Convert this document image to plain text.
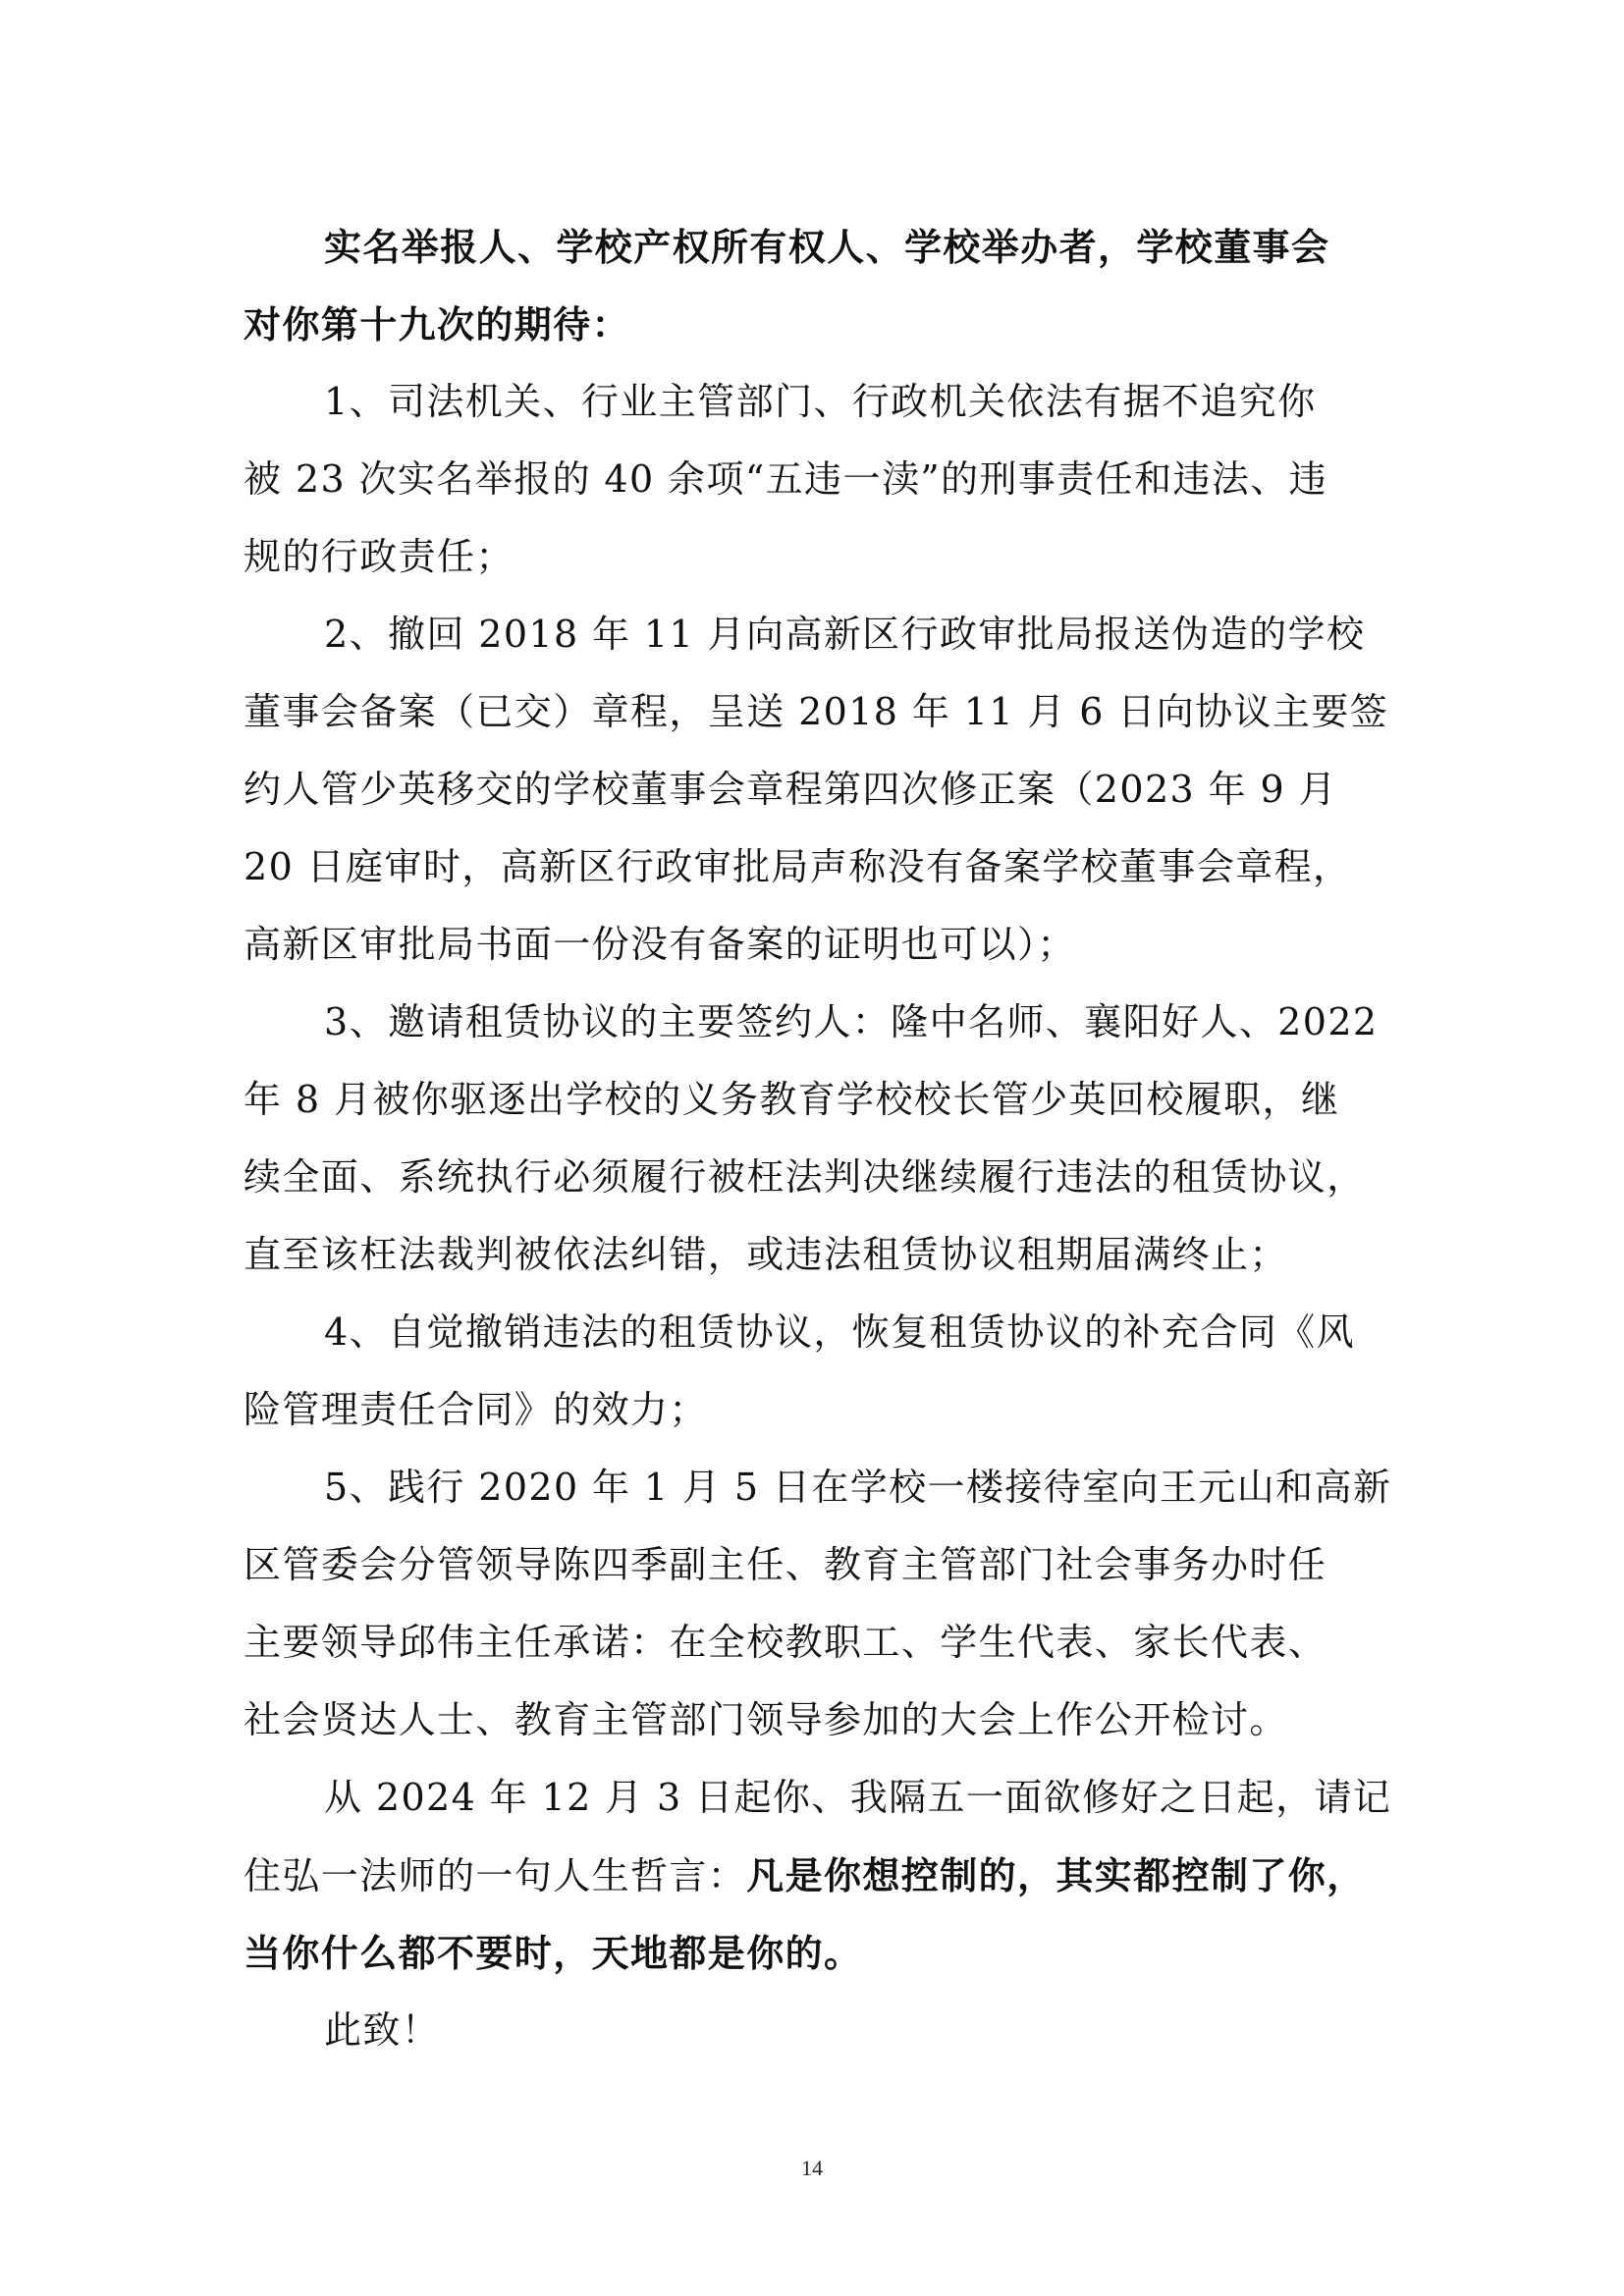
实名举报人、学校产权所有权人、学校举办者，学校董事会
对你第十九次的期待：
1、司法机关、行业主管部门、行政机关依法有据不追究你
被 23 次实名举报的 40 余项“五违一渎”的刑事责任和违法、违
规的行政责任；
2、撤回 2018 年 11 月向高新区行政审批局报送伪造的学校
董事会备案（已交）章程，呈送 2018 年 11 月 6 日向协议主要签
约人管少英移交的学校董事会章程第四次修正案（2023 年 9 月
20 日庭审时，高新区行政审批局声称没有备案学校董事会章程，
高新区审批局书面一份没有备案的证明也可以）；
3、邀请租赁协议的主要签约人：隆中名师、襄阳好人、2022
年 8 月被你驱逐出学校的义务教育学校校长管少英回校履职，继
续全面、系统执行必须履行被枉法判决继续履行违法的租赁协议，
直至该枉法裁判被依法纠错，或违法租赁协议租期届满终止；
4、自觉撤销违法的租赁协议，恢复租赁协议的补充合同《风
险管理责任合同》的效力；
5、践行 2020 年 1 月 5 日在学校一楼接待室向王元山和高新
区管委会分管领导陈四季副主任、教育主管部门社会事务办时任
主要领导邱伟主任承诺：在全校教职工、学生代表、家长代表、
社会贤达人士、教育主管部门领导参加的大会上作公开检讨。
从 2024 年 12 月 3 日起你、我隔五一面欲修好之日起，请记
住弘一法师的一句人生哲言：凡是你想控制的，其实都控制了你，
当你什么都不要时，天地都是你的。
此致！
14
